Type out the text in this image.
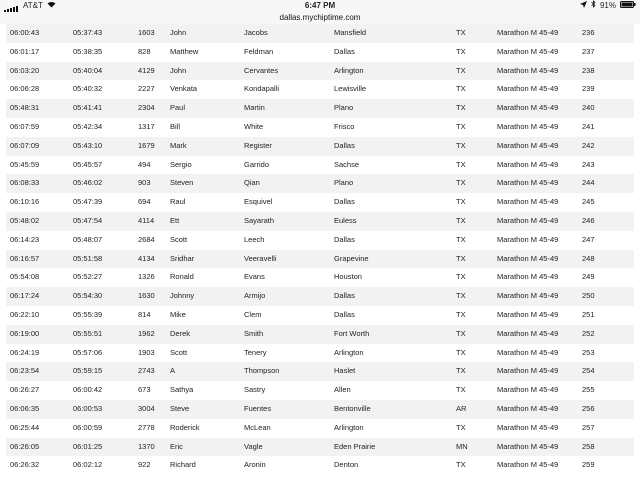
AT&T	6:47 PM	91%
dallas.mychiptime.com
06:00:43	05:37:43	1603 John	Jacobs	Mansfield	TX	Marathon M 45-49	236
06:01:17	05:38:35	828	Matthew	Feldman	Dallas	TX	Marathon M 45-49	237
06:03:20	05:40:04	4129 John	Cervantes	Arlington	TX	Marathon M 45-49	238
06:06:28	05:40:32	2227 Venkata	Kondapalli	Lewisville	TX	Marathon M 45-49	239
05:48:31	05:41:41	2304 Paul	Martin	Plano	TX	Marathon M 45-49	240
06:07:59	05:42:34	1317 Bill	White	Frisco	TX	Marathon M 45-49	241
06:07:09	05:43:10	1679 Mark	Register	Dallas	TX	Marathon M 45-49	242
05:45:59	05:45:57	494	Sergio	Garrido	Sachse	TX	Marathon M 45-49	243
06:08:33	05:46:02	903	Steven	Qian	Plano	TX	Marathon M 45-49	244
06:10:16	05:47:39	694	Raul	Esquivel	Dallas	TX	Marathon M 45-49	245
05:48:02	05:47:54	4114 Ett	Sayarath	Euless	TX	Marathon M 45-49	246
06:14:23	05:48:07	2684 Scott	Leech	Dallas	TX	Marathon M 45-49	247
06:16:57	05:51:58	4134 Sridhar	Veeravelli	Grapevine	TX	Marathon M 45-49	248
05:54:08	05:52:27	1326 Ronald	Evans	Houston	TX	Marathon M 45-49	249
06:17:24	05:54:30	1630 Johnny	Armijo	Dallas	TX	Marathon M 45-49	250
06:22:10	05:55:39	814	Mike	Clem	Dallas	TX	Marathon M 45-49	251
06:19:00	05:55:51	1962 Derek	Smith	Fort Worth	TX	Marathon M 45-49	252
06:24:19	05:57:06	1903 Scott	Tenery	Arlington	TX	Marathon M 45-49	253
06:23:54	05:59:15	2743 A	Thompson	Haslet	TX	Marathon M 45-49	254
06:26:27	06:00:42	673	Sathya	Sastry	Allen	TX	Marathon M 45-49	255
06:06:35	06:00:53	3004 Steve	Fuentes	Bentonville	AR	Marathon M 45-49	256
06:25:44	06:00:59	2778 Roderick	McLean	Arlington	TX	Marathon M 45-49	257
06:26:05	06:01:25	1370 Eric	Vagle	Eden Prairie	MN	Marathon M 45-49	258
06:26:32	06:02:12	922	Richard	Aronin	Denton	TX	Marathon M 45-49	259
